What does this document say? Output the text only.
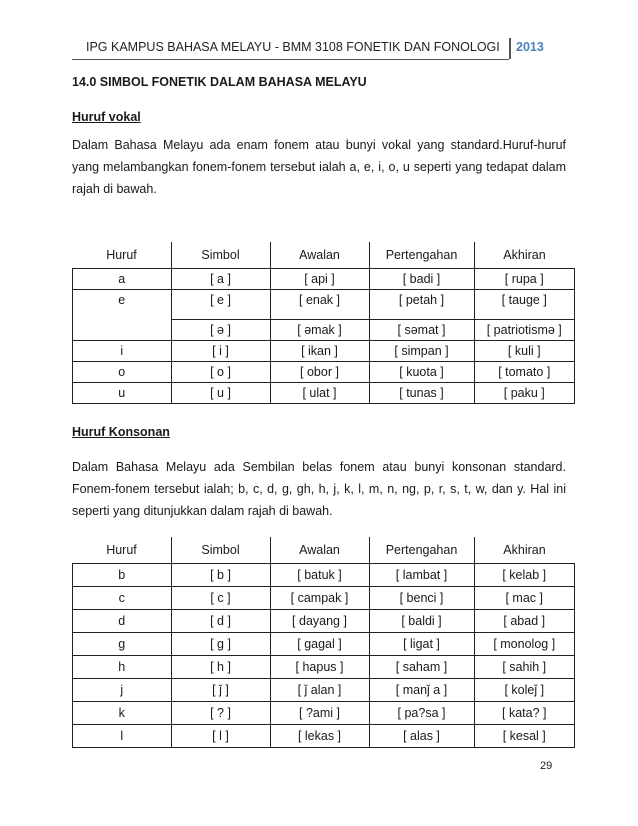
IPG KAMPUS BAHASA MELAYU - BMM 3108 FONETIK DAN FONOLOGI 2013
14.0 SIMBOL FONETIK DALAM BAHASA MELAYU
Huruf vokal

Dalam Bahasa Melayu ada enam fonem atau bunyi vokal yang standard.Huruf-huruf yang melambangkan fonem-fonem tersebut ialah a, e, i, o, u seperti yang tedapat dalam rajah di bawah.

Huruf	Simbol	Awalan	Pertengahan	Akhiran
a	[ a ]	[ api ]	[ badi ]	[ rupa ]
e	[ e ]	[ enak ]	[ petah ]	[ tauge ]
	[ ə ]	[ əmak ]	[ səmat ]	[ patriotismə ]
i	[ i ]	[ ikan ]	[ simpan ]	[ kuli ]
o	[ o ]	[ obor ]	[ kuota ]	[ tomato ]
u	[ u ]	[ ulat ]	[ tunas ]	[ paku ]
Huruf Konsonan

Dalam Bahasa Melayu ada Sembilan belas fonem atau bunyi konsonan standard. Fonem-fonem tersebut ialah; b, c, d, g, gh, h, j, k, l, m, n, ng, p, r, s, t, w, dan y. Hal ini seperti yang ditunjukkan dalam rajah di bawah.

Huruf	Simbol	Awalan	Pertengahan	Akhiran
b	[ b ]	[ batuk ]	[ lambat ]	[ kelab ]
c	[ c ]	[ campak ]	[ benci ]	[ mac ]
d	[ d ]	[ dayang ]	[ baldi ]	[ abad ]
g	[ g ]	[ gagal ]	[ ligat ]	[ monolog ]
h	[ h ]	[ hapus ]	[ saham ]	[ sahih ]
j	[ ǰ ]	[ ǰ alan ]	[ manǰ a ]	[ koleǰ ]
k	[ ? ]	[ ?ami ]	[ pa?sa ]	[ kata? ]
l	[ l ]	[ lekas ]	[ alas ]	[ kesal ]
29
